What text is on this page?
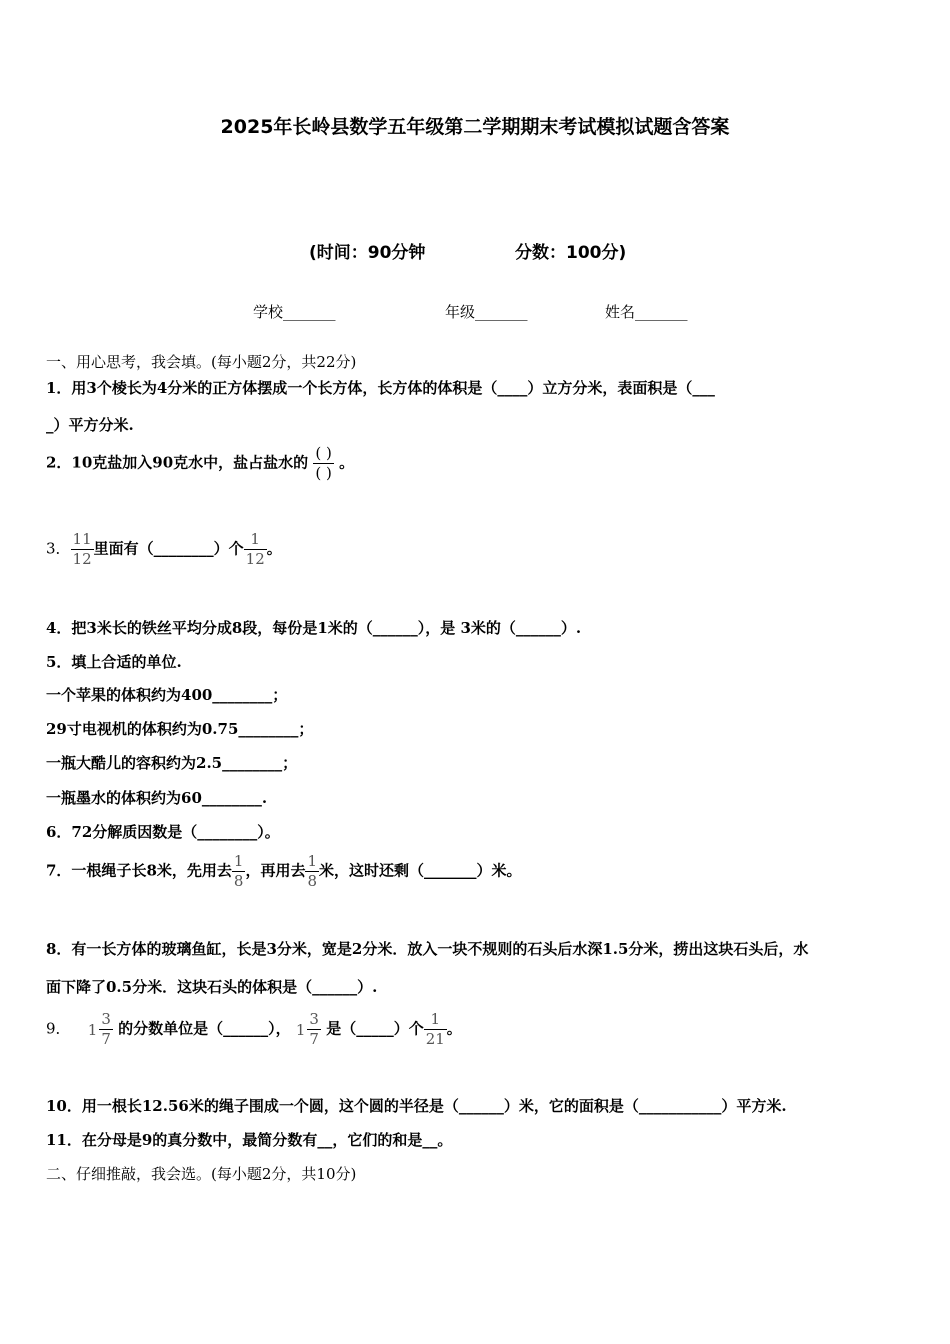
2025年长岭县数学五年级第二学期期末考试模拟试题含答案
(时间：90分钟	分数：100分)
学校_______	年级_______	姓名_______
一、用心思考，我会填。(每小题2分，共22分)
1．用3个棱长为4分米的正方体摆成一个长方体，长方体的体积是（____）立方分米，表面积是（___
_）平方分米.
2．10克盐加入90克水中，盐占盐水的 $\frac{( )}{( )}$ 。
3． $\frac{11}{12}$ 里面有（________）个 $\frac{1}{12}$ 。
4．把3米长的铁丝平均分成8段，每份是1米的（______），是 3米的（______）.
5．填上合适的单位.
一个苹果的体积约为400________；
29寸电视机的体积约为0.75________；
一瓶大酷儿的容积约为2.5________；
一瓶墨水的体积约为60________.
6．72分解质因数是（________）。
7．一根绳子长8米，先用去 $\frac{1}{8}$ ，再用去 $\frac{1}{8}$ 米，这时还剩（_______）米。
8．有一长方体的玻璃鱼缸，长是3分米，宽是2分米．放入一块不规则的石头后水深1.5分米，捞出这块石头后，水
面下降了0.5分米．这块石头的体积是（______）.
9． $1 \frac{3}{7}$ 的分数单位是（______）， $1 \frac{3}{7}$ 是（_____）个 $\frac{1}{21}$ 。
10．用一根长12.56米的绳子围成一个圆，这个圆的半径是（______）米，它的面积是（___________）平方米.
11．在分母是9的真分数中，最简分数有__，它们的和是__。
二、仔细推敲，我会选。(每小题2分，共10分)
